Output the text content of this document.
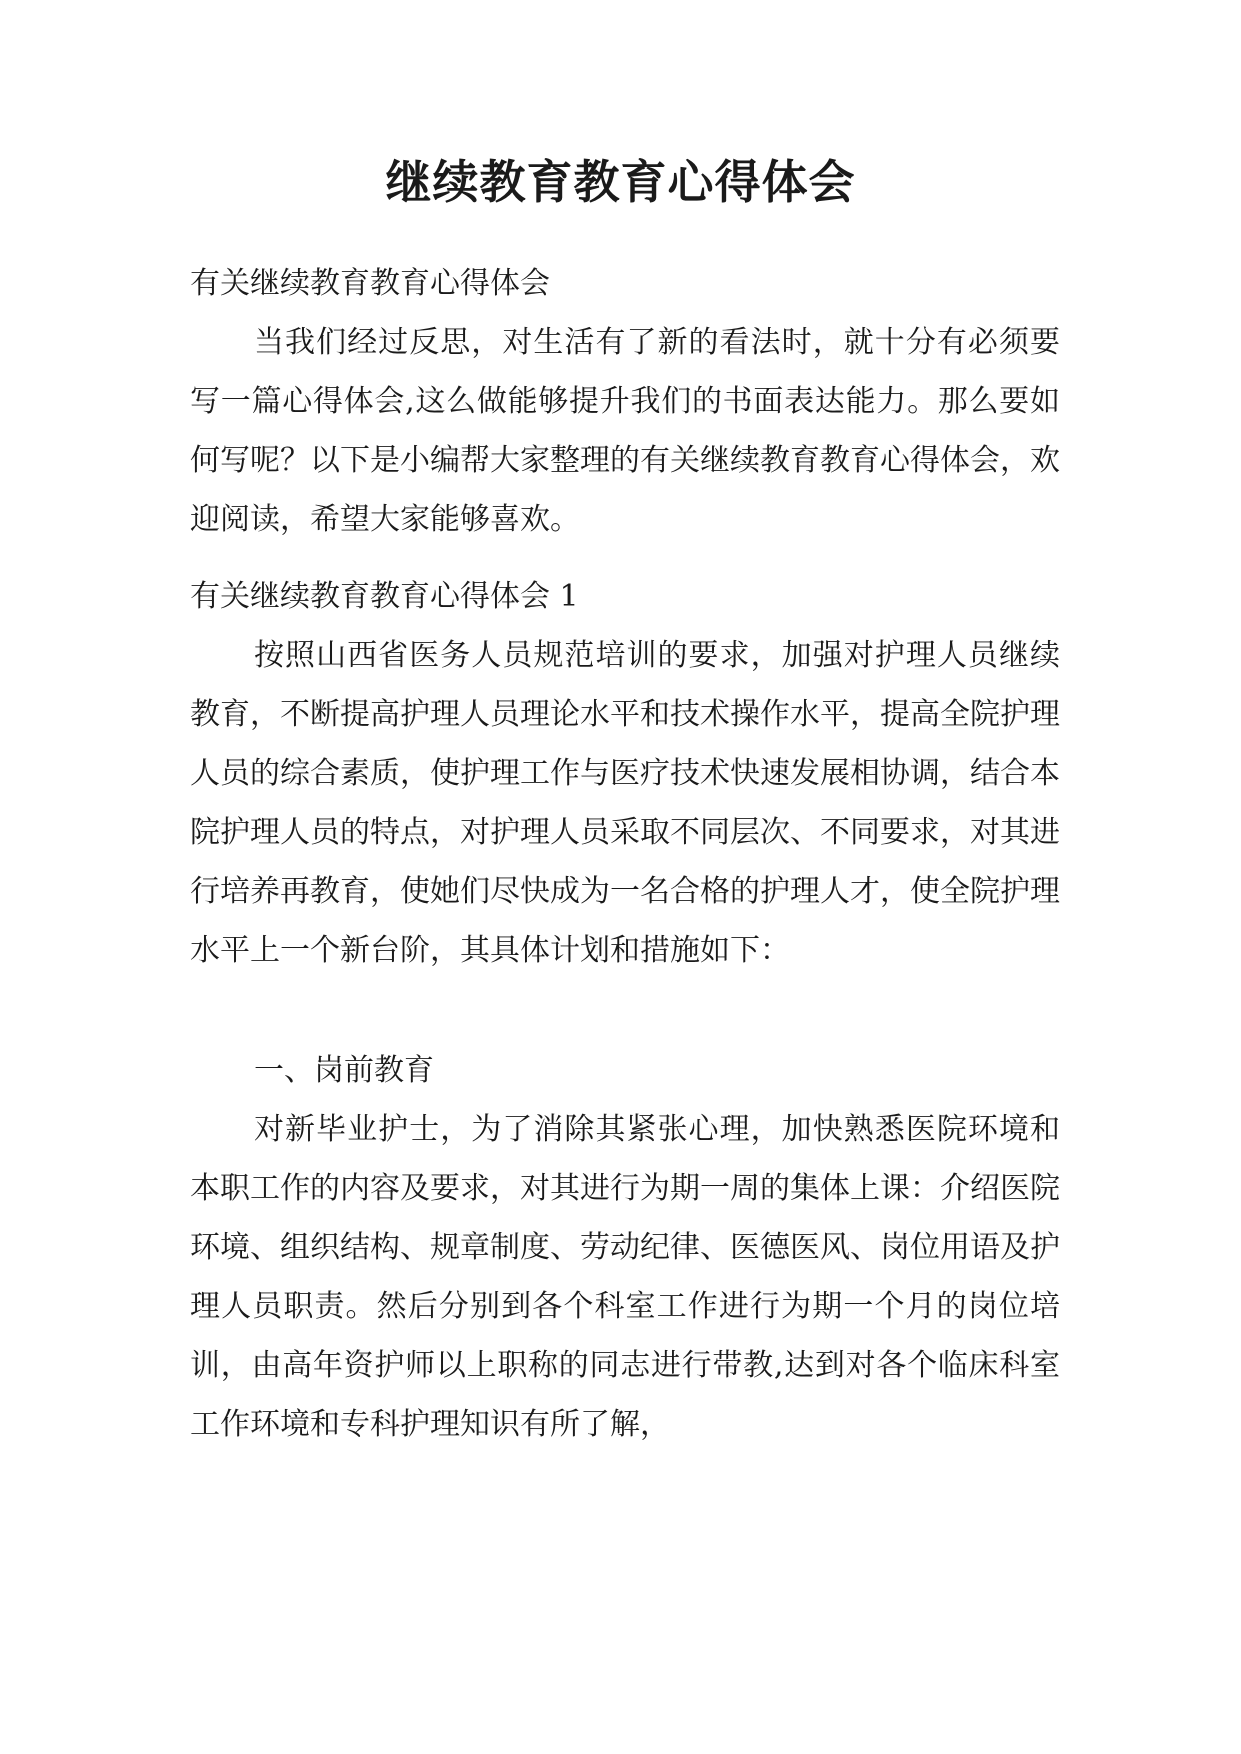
继续教育教育心得体会
有关继续教育教育心得体会
当我们经过反思，对生活有了新的看法时，就十分有必须要写一篇心得体会,这么做能够提升我们的书面表达能力。那么要如何写呢？以下是小编帮大家整理的有关继续教育教育心得体会，欢迎阅读，希望大家能够喜欢。
有关继续教育教育心得体会 1
按照山西省医务人员规范培训的要求，加强对护理人员继续教育，不断提高护理人员理论水平和技术操作水平，提高全院护理人员的综合素质，使护理工作与医疗技术快速发展相协调，结合本院护理人员的特点，对护理人员采取不同层次、不同要求，对其进行培养再教育，使她们尽快成为一名合格的护理人才，使全院护理水平上一个新台阶，其具体计划和措施如下：
一、岗前教育
对新毕业护士，为了消除其紧张心理，加快熟悉医院环境和本职工作的内容及要求，对其进行为期一周的集体上课：介绍医院环境、组织结构、规章制度、劳动纪律、医德医风、岗位用语及护理人员职责。然后分别到各个科室工作进行为期一个月的岗位培训，由高年资护师以上职称的同志进行带教,达到对各个临床科室工作环境和专科护理知识有所了解，
